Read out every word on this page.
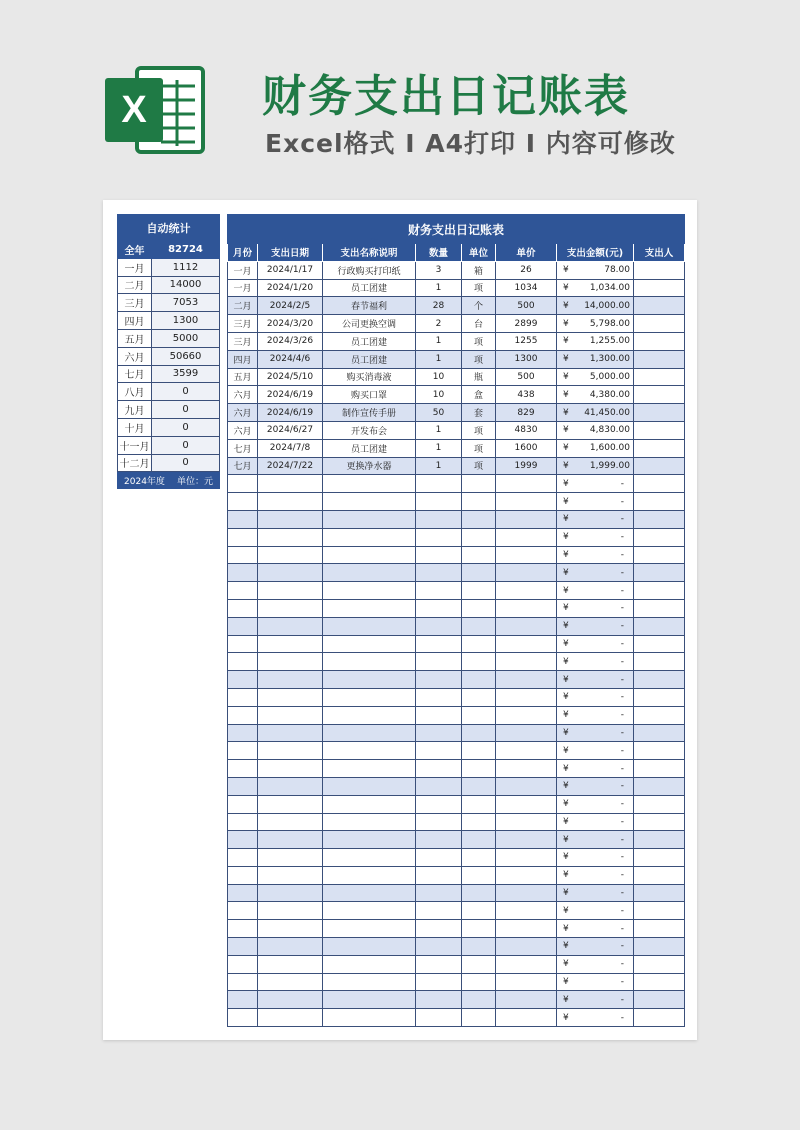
X	财务支出日记账表
Excel格式 I A4打印 I 内容可修改
自动统计	
全年	82724
一月	1112
二月	14000
三月	7053
四月	1300
五月	5000
六月	50660
七月	3599
八月	0
九月	0
十月	0
十一月	0
十二月	0

2024年度 单位：元	
财务支出日记账表							
月份	支出日期	支出名称说明	数量	单位	单价	支出金额(元)	支出人
一月	2024/1/17	行政购买打印纸	3	箱	26	¥ 78.00	
一月	2024/1/20	员工团建	1	项	1034	¥ 1,034.00	
二月	2024/2/5	春节福利	28	个	500	¥ 14,000.00	
三月	2024/3/20	公司更换空调	2	台	2899	¥ 5,798.00	
三月	2024/3/26	员工团建	1	项	1255	¥ 1,255.00	
四月	2024/4/6	员工团建	1	项	1300	¥ 1,300.00	
五月	2024/5/10	购买消毒液	10	瓶	500	¥ 5,000.00	
六月	2024/6/19	购买口罩	10	盒	438	¥ 4,380.00	
六月	2024/6/19	制作宣传手册	50	套	829	¥ 41,450.00	
六月	2024/6/27	开发布会	1	项	4830	¥ 4,830.00	
七月	2024/7/8	员工团建	1	项	1600	¥ 1,600.00	
七月	2024/7/22	更换净水器	1	项	1999	¥ 1,999.00	

						¥ -	

						¥ -	

						¥ -	

						¥ -	

						¥ -	

						¥ -	

						¥ -	

						¥ -	

						¥ -	

						¥ -	

						¥ -	

						¥ -	

						¥ -	

						¥ -	

						¥ -	

						¥ -	

						¥ -	

						¥ -	

						¥ -	

						¥ -	

						¥ -	

						¥ -	

						¥ -	

						¥ -	

						¥ -	

						¥ -	

						¥ -	

						¥ -	

						¥ -	

						¥ -	

						¥ -	
